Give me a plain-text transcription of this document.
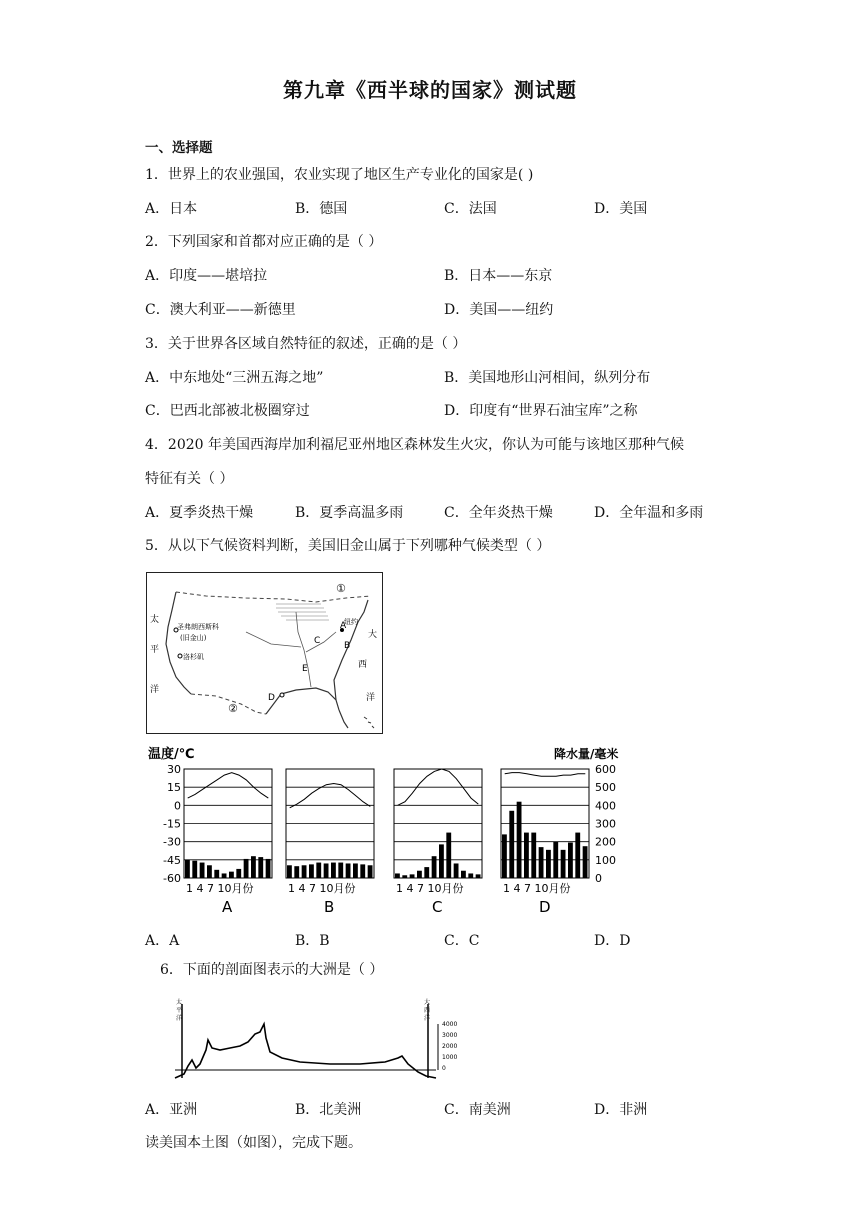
第九章《西半球的国家》测试题
一、选择题
1．世界上的农业强国，农业实现了地区生产专业化的国家是( )
A．日本	B．德国	C．法国	D．美国
2．下列国家和首都对应正确的是（ ）
A．印度——堪培拉	B．日本——东京
C．澳大利亚——新德里	D．美国——纽约
3．关于世界各区域自然特征的叙述，正确的是（ ）
A．中东地处“三洲五海之地”	B．美国地形山河相间，纵列分布
C．巴西北部被北极圈穿过	D．印度有“世界石油宝库”之称
4．2020 年美国西海岸加利福尼亚州地区森林发生火灾，你认为可能与该地区那种气候
特征有关（ ）
A．夏季炎热干燥	B．夏季高温多雨	C．全年炎热干燥	D．全年温和多雨
5．从以下气候资料判断，美国旧金山属于下列哪种气候类型（ ）
太
平
洋
大
西
洋
圣弗朗西斯科
(旧金山)
洛杉矶
纽约
①
②
A
B
C
D
E
温度/℃	降水量/毫米
30
15
0
-15
-30
-45
-60
600
500
400
300
200
100
0
1 4 7 10月份
A
1 4 7 10月份
B
1 4 7 10月份
C
1 4 7 10月份
D
A．A	B．B	C．C	D．D
6．下面的剖面图表示的大洲是（ ）
太
平
洋
大
西
洋
4000
3000
2000
1000
0
A．亚洲	B．北美洲	C．南美洲	D．非洲
读美国本土图（如图），完成下题。
